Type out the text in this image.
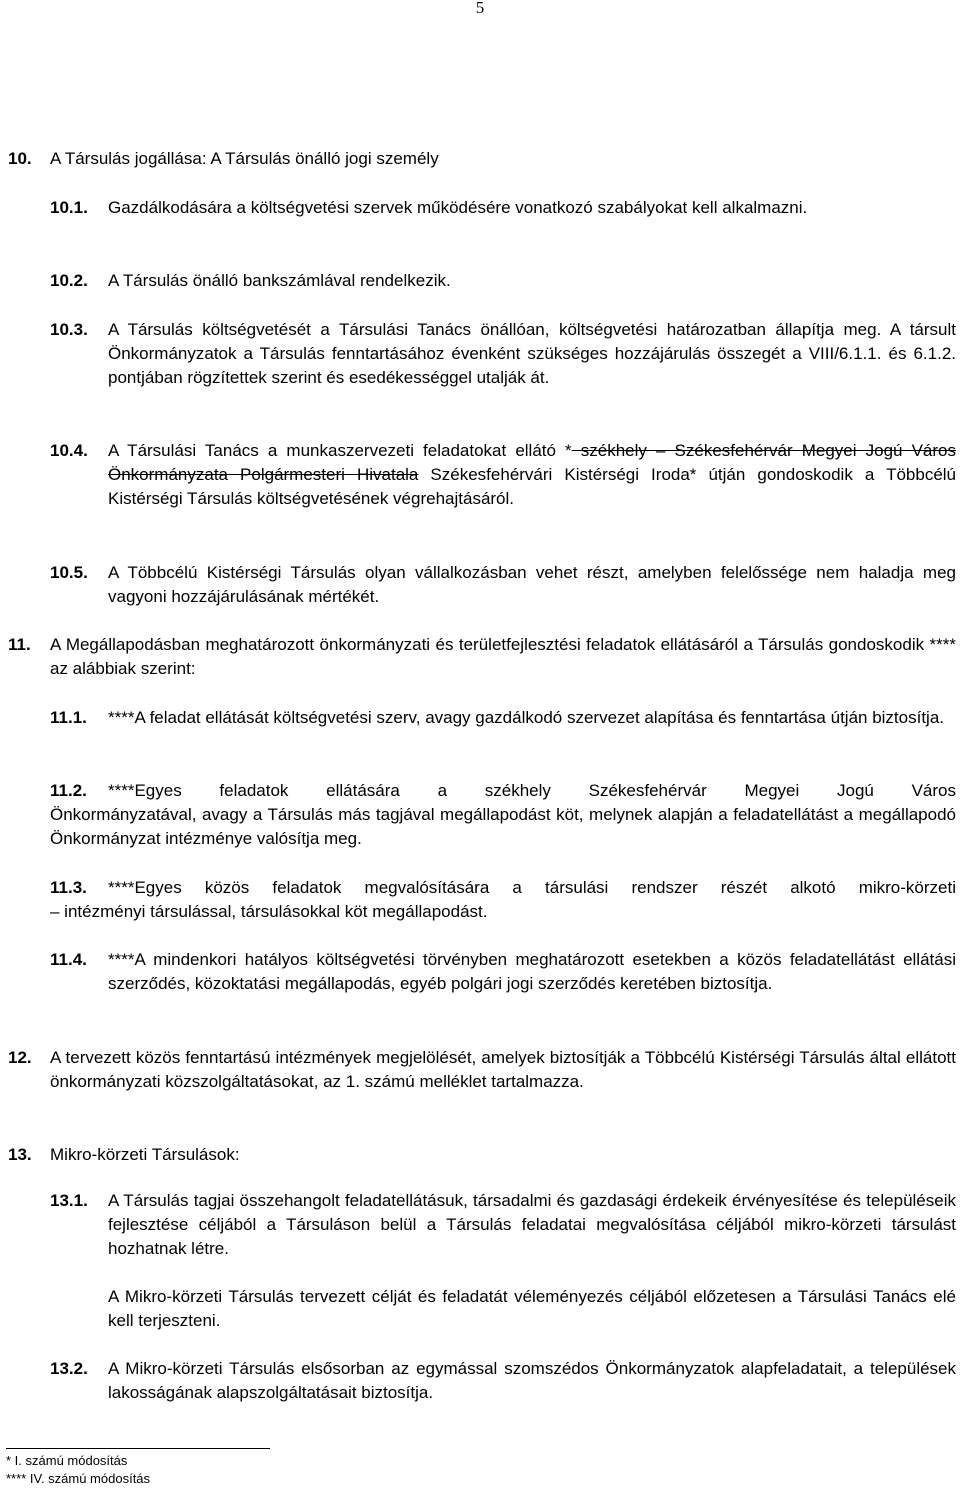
5
10.	A Társulás jogállása: A Társulás önálló jogi személy
10.1.	Gazdálkodására a költségvetési szervek működésére vonatkozó szabályokat kell alkalmazni.
10.2.	A Társulás önálló bankszámlával rendelkezik.
10.3.	A Társulás költségvetését a Társulási Tanács önállóan, költségvetési határozatban állapítja meg. A társult Önkormányzatok a Társulás fenntartásához évenként szükséges hozzájárulás összegét a VIII/6.1.1. és 6.1.2. pontjában rögzítettek szerint és esedékességgel utalják át.
10.4.	A Társulási Tanács a munkaszervezeti feladatokat ellátó * székhely – Székesfehérvár Megyei Jogú Város Önkormányzata Polgármesteri Hivatala Székesfehérvári Kistérségi Iroda* útján gondoskodik a Többcélú Kistérségi Társulás költségvetésének végrehajtásáról.
10.5.	A Többcélú Kistérségi Társulás olyan vállalkozásban vehet részt, amelyben felelőssége nem haladja meg vagyoni hozzájárulásának mértékét.
11.	A Megállapodásban meghatározott önkormányzati és területfejlesztési feladatok ellátásáról a Társulás gondoskodik **** az alábbiak szerint:
11.1.	****A feladat ellátását költségvetési szerv, avagy gazdálkodó szervezet alapítása és fenntartása útján biztosítja.
11.2.	****Egyes feladatok ellátására a székhely Székesfehérvár Megyei Jogú Város
Önkormányzatával, avagy a Társulás más tagjával megállapodást köt, melynek alapján a feladatellátást a megállapodó Önkormányzat intézménye valósítja meg.
11.3.	****Egyes közös feladatok megvalósítására a társulási rendszer részét alkotó mikro-körzeti
– intézményi társulással, társulásokkal köt megállapodást.
11.4.	****A mindenkori hatályos költségvetési törvényben meghatározott esetekben a közös feladatellátást ellátási szerződés, közoktatási megállapodás, egyéb polgári jogi szerződés keretében biztosítja.
12.	A tervezett közös fenntartású intézmények megjelölését, amelyek biztosítják a Többcélú Kistérségi Társulás által ellátott önkormányzati közszolgáltatásokat, az 1. számú melléklet tartalmazza.
13.	Mikro-körzeti Társulások:
13.1.	A Társulás tagjai összehangolt feladatellátásuk, társadalmi és gazdasági érdekeik érvényesítése és településeik fejlesztése céljából a Társuláson belül a Társulás feladatai megvalósítása céljából mikro-körzeti társulást hozhatnak létre.
A Mikro-körzeti Társulás tervezett célját és feladatát véleményezés céljából előzetesen a Társulási Tanács elé kell terjeszteni.
13.2.	A Mikro-körzeti Társulás elsősorban az egymással szomszédos Önkormányzatok alapfeladatait, a települések lakosságának alapszolgáltatásait biztosítja.
* I. számú módosítás
**** IV. számú módosítás
